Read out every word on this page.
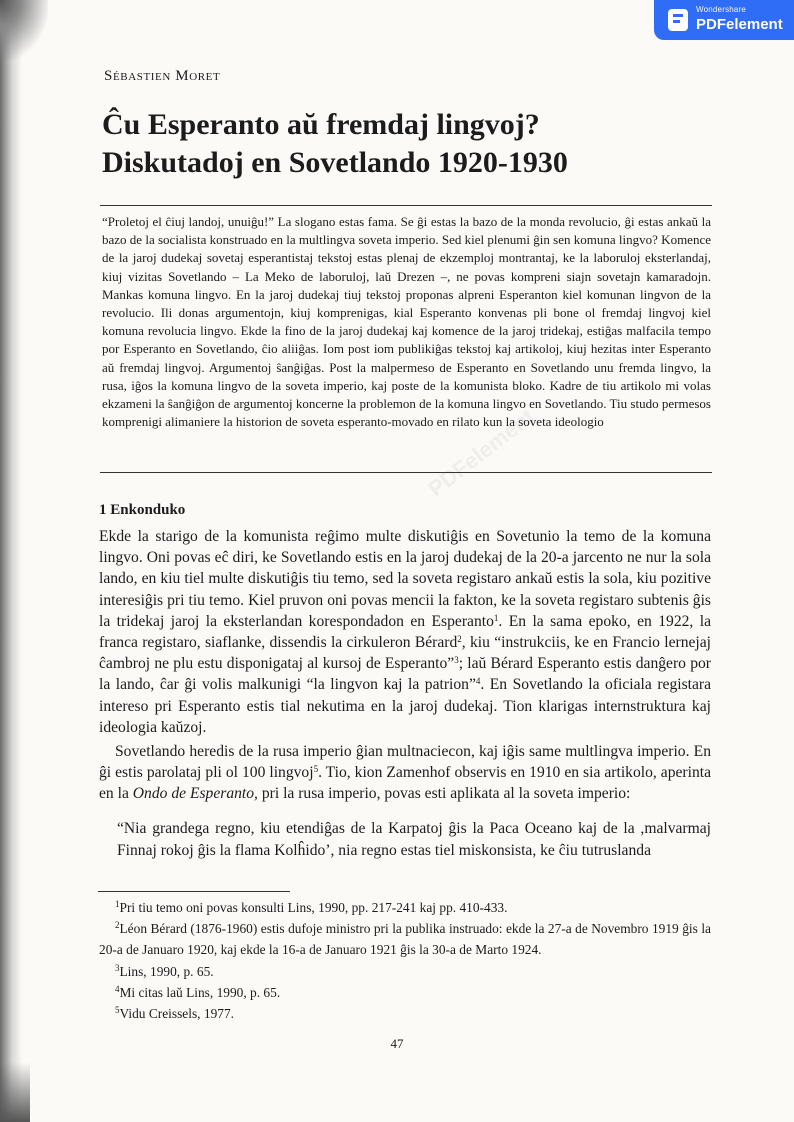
PDFelement
Wondershare
PDFelement
Sébastien Moret
Ĉu Esperanto aŭ fremdaj lingvoj?
Diskutadoj en Sovetlando 1920-1930

“Proletoj el ĉiuj landoj, unuiĝu!” La slogano estas fama. Se ĝi estas la bazo de la monda revolucio, ĝi estas ankaŭ la bazo de la socialista konstruado en la multlingva soveta imperio. Sed kiel plenumi ĝin sen komuna lingvo? Komence de la jaroj dudekaj sovetaj esperantistaj tekstoj estas plenaj de ekzemploj montrantaj, ke la laboruloj eksterlandaj, kiuj vizitas Sovetlando – La Meko de laboruloj, laŭ Drezen –, ne povas kompreni siajn sovetajn kamaradojn. Mankas komuna lingvo. En la jaroj dudekaj tiuj tekstoj proponas alpreni Esperanton kiel komunan lingvon de la revolucio. Ili donas argumentojn, kiuj komprenigas, kial Esperanto konvenas pli bone ol fremdaj lingvoj kiel komuna revolucia lingvo. Ekde la fino de la jaroj dudekaj kaj komence de la jaroj tridekaj, estiĝas malfacila tempo por Esperanto en Sovetlando, ĉio aliiĝas. Iom post iom publikiĝas tekstoj kaj artikoloj, kiuj hezitas inter Esperanto aŭ fremdaj lingvoj. Argumentoj ŝanĝiĝas. Post la malpermeso de Esperanto en Sovetlando unu fremda lingvo, la rusa, iĝos la komuna lingvo de la soveta imperio, kaj poste de la komunista bloko. Kadre de tiu artikolo mi volas ekzameni la ŝanĝiĝon de argumentoj koncerne la problemon de la komuna lingvo en Sovetlando. Tiu studo permesos komprenigi alimaniere la historion de soveta esperanto-movado en rilato kun la soveta ideologio

1 Enkonduko

Ekde la starigo de la komunista reĝimo multe diskutiĝis en Sovetunio la temo de la komuna lingvo. Oni povas eĉ diri, ke Sovetlando estis en la jaroj dudekaj de la 20-a jarcento ne nur la sola lando, en kiu tiel multe diskutiĝis tiu temo, sed la soveta registaro ankaŭ estis la sola, kiu pozitive interesiĝis pri tiu temo. Kiel pruvon oni povas mencii la fakton, ke la soveta registaro subtenis ĝis la tridekaj jaroj la eksterlandan korespondadon en Esperanto$^1$. En la sama epoko, en 1922, la franca registaro, siaflanke, dissendis la cirkuleron Bérard$^2$, kiu “instrukciis, ke en Francio lernejaj ĉambroj ne plu estu disponigataj al kursoj de Esperanto”$^3$; laŭ Bérard Esperanto estis danĝero por la lando, ĉar ĝi volis malkunigi “la lingvon kaj la patrion”$^4$. En Sovetlando la oficiala registara intereso pri Esperanto estis tial nekutima en la jaroj dudekaj. Tion klarigas internstruktura kaj ideologia kaŭzoj.

Sovetlando heredis de la rusa imperio ĝian multnaciecon, kaj iĝis same multlingva imperio. En ĝi estis parolataj pli ol 100 lingvoj$^5$. Tio, kion Zamenhof observis en 1910 en sia artikolo, aperinta en la Ondo de Esperanto, pri la rusa imperio, povas esti aplikata al la soveta imperio:

“Nia grandega regno, kiu etendiĝas de la Karpatoj ĝis la Paca Oceano kaj de la ,malvarmaj Finnaj rokoj ĝis la flama Kolĥido’, nia regno estas tiel miskonsista, ke ĉiu tutruslanda

$^1$Pri tiu temo oni povas konsulti Lins, 1990, pp. 217-241 kaj pp. 410-433.

$^2$Léon Bérard (1876-1960) estis dufoje ministro pri la publika instruado: ekde la 27-a de Novembro 1919 ĝis la 20-a de Januaro 1920, kaj ekde la 16-a de Januaro 1921 ĝis la 30-a de Marto 1924.

$^3$Lins, 1990, p. 65.

$^4$Mi citas laŭ Lins, 1990, p. 65.

$^5$Vidu Creissels, 1977.

47
